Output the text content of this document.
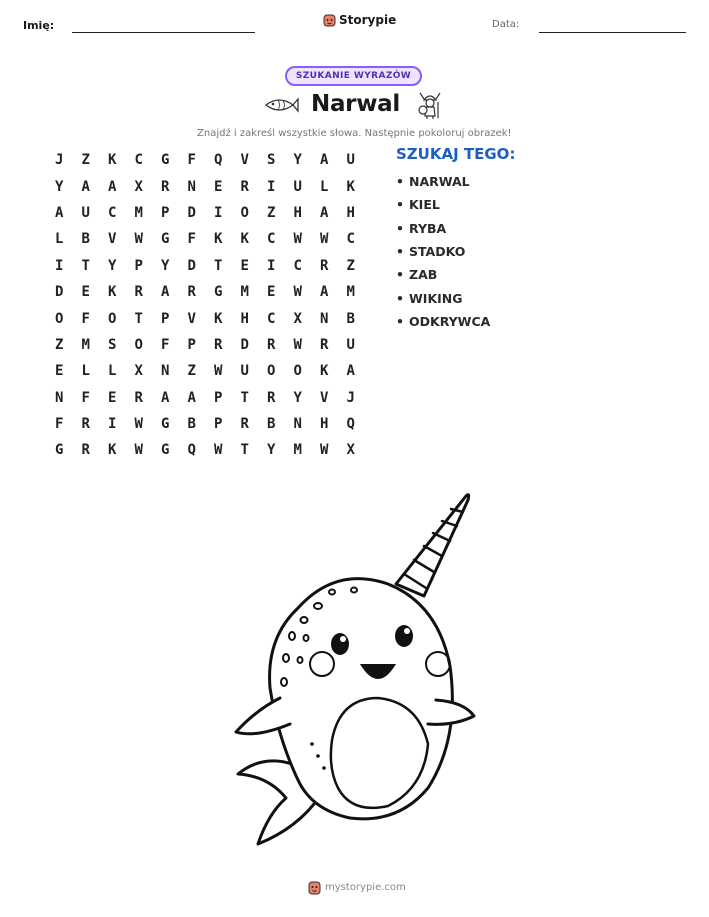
Imię:	Storypie	Data:
SZUKANIE WYRAZÓW
Narwal
Znajdź i zakreśl wszystkie słowa. Następnie pokoloruj obrazek!
J	Z	K	C	G	F	Q	V	S	Y	A	U
Y	A	A	X	R	N	E	R	I	U	L	K
A	U	C	M	P	D	I	O	Z	H	A	H
L	B	V	W	G	F	K	K	C	W	W	C
I	T	Y	P	Y	D	T	E	I	C	R	Z
D	E	K	R	A	R	G	M	E	W	A	M
O	F	O	T	P	V	K	H	C	X	N	B
Z	M	S	O	F	P	R	D	R	W	R	U
E	L	L	X	N	Z	W	U	O	O	K	A
N	F	E	R	A	A	P	T	R	Y	V	J
F	R	I	W	G	B	P	R	B	N	H	Q
G	R	K	W	G	Q	W	T	Y	M	W	X
SZUKAJ TEGO:
• NARWAL
• KIEL
• RYBA
• STADKO
• ZAB
• WIKING
• ODKRYWCA
mystorypie.com
